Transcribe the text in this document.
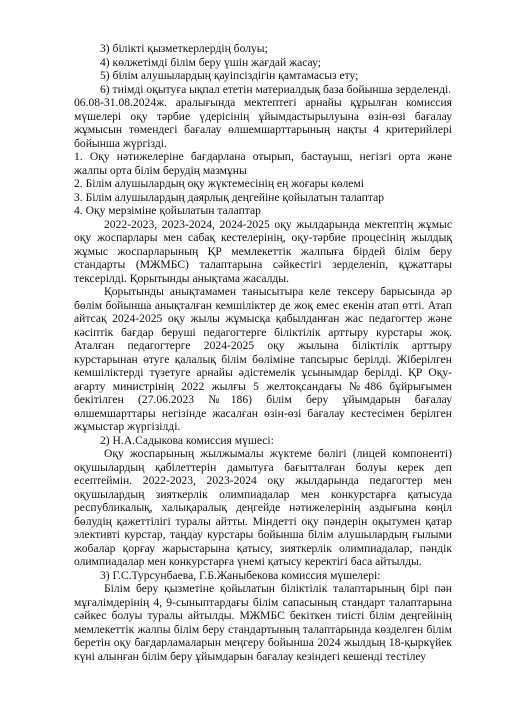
3) білікті қызметкерлердің болуы;
4) көлжетімді білім беру үшін жағдай жасау;
5) білім алушылардың қауіпсіздігін қамтамасыз ету;
6) тиімді оқытуға ықпал ететін материалдық база бойынша зерделенді.

06.08-31.08.2024ж. аралығында мектептегі арнайы құрылған комиссия мүшелері оқу тәрбие үдерісінің ұйымдастырылуына өзін-өзі бағалау жұмысын төмендегі бағалау өлшемшарттарының нақты 4 критерийлері бойынша жүргізді.

1. Оқу нәтижелеріне бағдарлана отырып, бастауыш, негізгі орта және жалпы орта білім берудің мазмұны

2. Білім алушылардың оқу жүктемесінің ең жоғары көлемі
3. Білім алушылардың даярлық деңгейіне қойылатын талаптар
4. Оқу мерзіміне қойылатын талаптар

2022-2023, 2023-2024, 2024-2025 оқу жылдарында мектептің жұмыс оқу жоспарлары мен сабақ кестелерінің, оқу-тәрбие процесінің жылдық жұмыс жоспарларының ҚР мемлекеттік жалпыға бірдей білім беру стандарты (МЖМБС) талаптарына сәйкестігі зерделеніп, құжаттары тексерілді. Қорытынды анықтама жасалды.

Қорытынды анықтамамен танысытыра келе тексеру барысында әр бөлім бойынша анықталған кемшіліктер де жоқ емес екенін атап өтті. Атап айтсақ 2024-2025 оқу жылы жұмысқа қабылданған жас педагогтер және кәсіптік бағдар беруші педагогтерге біліктілік арттыру курстары жоқ. Аталған педагогтерге 2024-2025 оқу жылына біліктілік арттыру курстарынан өтуге қалалық білім бөліміне тапсырыс берілді. Жіберілген кемшіліктерді түзетуге арнайы әдістемелік ұсынымдар берілді. ҚР Оқу-ағарту министрінің 2022 жылғы 5 желтоқсандағы №486 бұйрығымен бекітілген (27.06.2023 №186) білім беру ұйымдарын бағалау өлшемшарттары негізінде жасалған өзін-өзі бағалау кестесімен берілген жұмыстар жүргізілді.

2) Н.А.Садыкова комиссия мүшесі:

Оқу жоспарының жылжымалы жүктеме бөлігі (лицей компоненті) оқушылардың қабілеттерін дамытуға бағытталған болуы керек деп есептеймін. 2022-2023, 2023-2024 оқу жылдарында педагогтер мен оқушылардың зияткерлік олимпиадалар мен конкурстарға қатысуда республикалық, халықаралық деңгейде нәтижелерінің аздығына көңіл бөлудің қажеттілігі туралы айтты. Міндетті оқу пәндерін оқытумен қатар элективті курстар, таңдау курстары бойынша білім алушылардың ғылыми жобалар қорғау жарыстарына қатысу, зияткерлік олимпиадалар, пәндік олимпиадалар мен конкурстарға үнемі қатысу керектігі баса айтылды.

3) Г.С.Турсунбаева, Г.Б.Жаныбекова комиссия мүшелері:

Білім беру қызметіне қойылатын біліктілік талаптарының бірі пән мұғалімдерінің 4, 9-сыныптардағы білім сапасының стандарт талаптарына сәйкес болуы туралы айтылды. МЖМБС бекіткен тиісті білім деңгейінің мемлекеттік жалпы білім беру стандартының талаптарында көзделген білім беретін оқу бағдарламаларын меңгеру бойынша 2024 жылдың 18-қыркүйек күні алынған білім беру ұйымдарын бағалау кезіндегі кешенді тестілеу
